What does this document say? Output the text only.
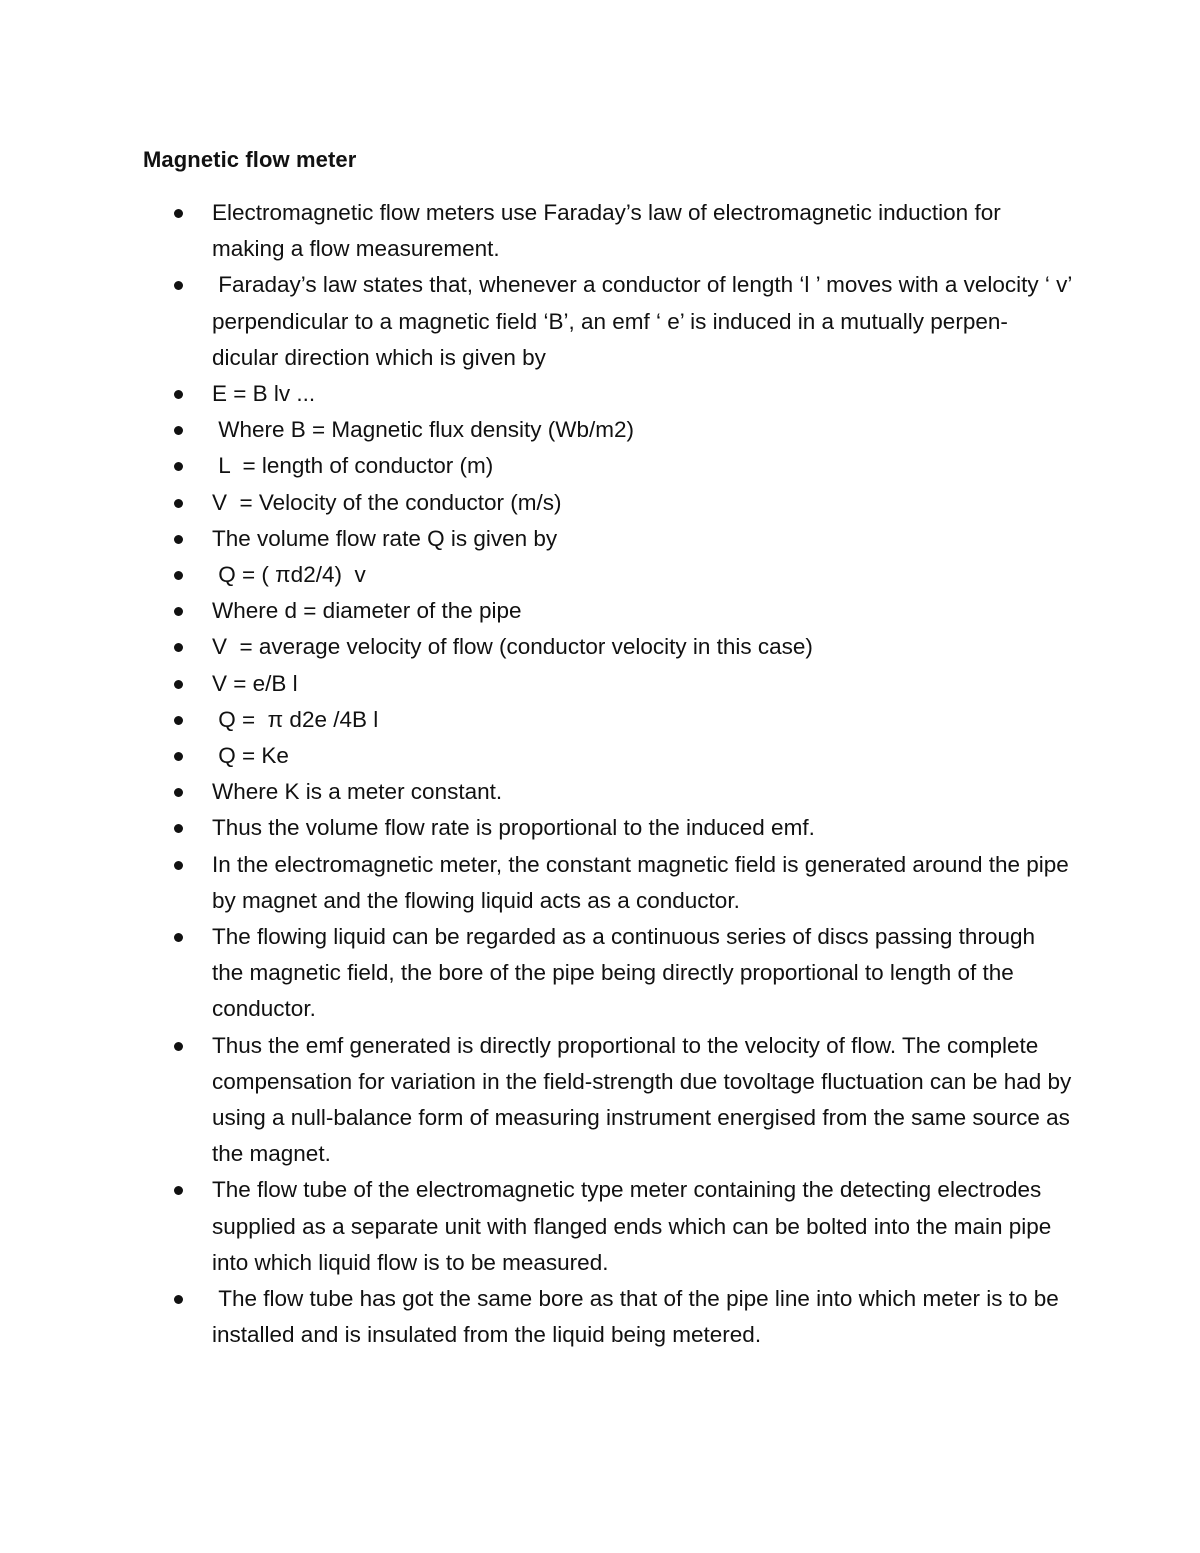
Magnetic flow meter
Electromagnetic flow meters use Faraday’s law of electromagnetic induction for making a flow measurement.
Faraday’s law states that, whenever a conductor of length ‘l ’ moves with a velocity ‘ v’ perpendicular to a magnetic field ‘B’, an emf ‘ e’ is induced in a mutually perpen-dicular direction which is given by
E = B lv ...
Where B = Magnetic flux density (Wb/m2)
L  = length of conductor (m)
V  = Velocity of the conductor (m/s)
The volume flow rate Q is given by
Q = ( πd2/4)  v
Where d = diameter of the pipe
V  = average velocity of flow (conductor velocity in this case)
V = e/B l
Q =  π d2e /4B l
Q = Ke
Where K is a meter constant.
Thus the volume flow rate is proportional to the induced emf.
In the electromagnetic meter, the constant magnetic field is generated around the pipe by magnet and the flowing liquid acts as a conductor.
The flowing liquid can be regarded as a continuous series of discs passing through the magnetic field, the bore of the pipe being directly proportional to length of the conductor.
Thus the emf generated is directly proportional to the velocity of flow. The complete compensation for variation in the field-strength due tovoltage fluctuation can be had by using a null-balance form of measuring instrument energised from the same source as the magnet.
The flow tube of the electromagnetic type meter containing the detecting electrodes supplied as a separate unit with flanged ends which can be bolted into the main pipe into which liquid flow is to be measured.
The flow tube has got the same bore as that of the pipe line into which meter is to be installed and is insulated from the liquid being metered.
